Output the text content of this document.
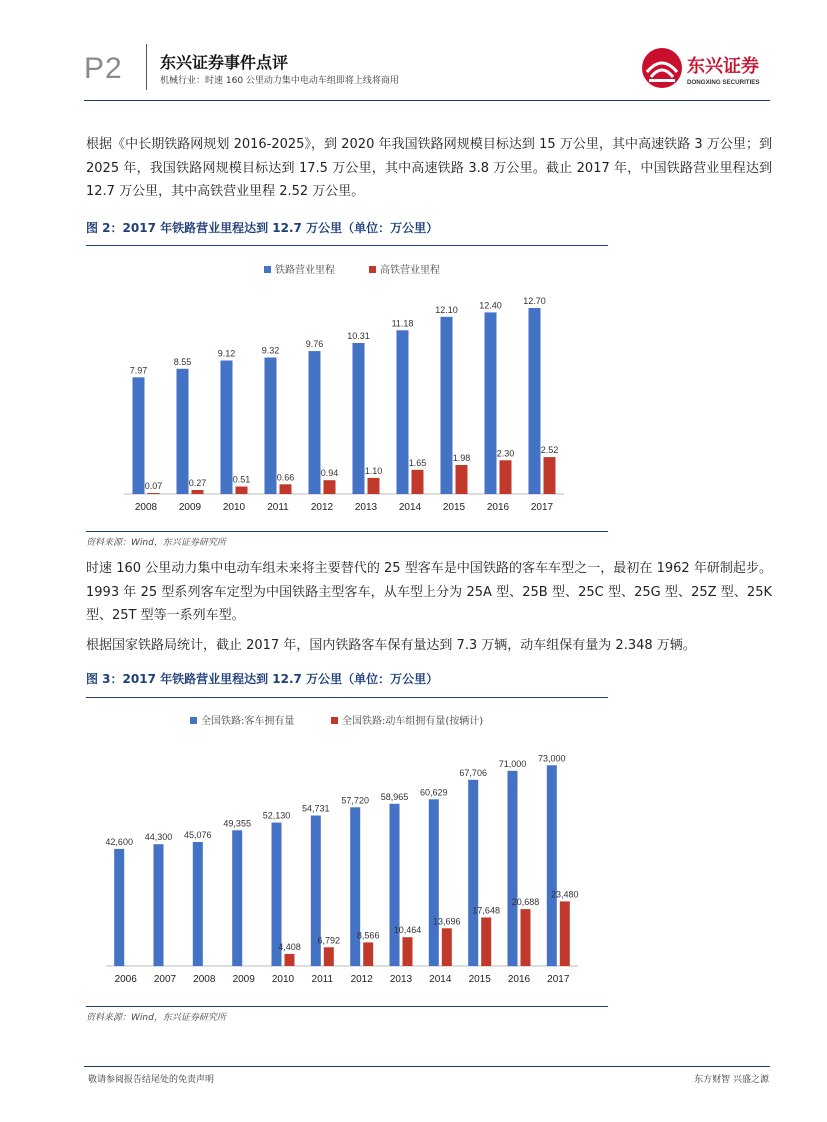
P2 东兴证券事件点评
机械行业：时速 160 公里动力集中电动车组即将上线将商用
东兴证券
DONGXING SECURITIES
根据《中长期铁路网规划 2016-2025》，到 2020 年我国铁路网规模目标达到 15 万公里，其中高速铁路 3 万公里；到 2025 年，我国铁路网规模目标达到 17.5 万公里，其中高速铁路 3.8 万公里。截止 2017 年，中国铁路营业里程达到 12.7 万公里，其中高铁营业里程 2.52 万公里。
图 2：2017 年铁路营业里程达到 12.7 万公里（单位：万公里）
铁路营业里程	高铁营业里程
7.97
0.07
2008
8.55
0.27
2009
9.12
0.51
2010
9.32
0.66
2011
9.76
0.94
2012
10.31
1.10
2013
11.18
1.65
2014
12.10
1.98
2015
12.40
2.30
2016
12.70
2.52
2017
资料来源：Wind，东兴证券研究所
时速 160 公里动力集中电动车组未来将主要替代的 25 型客车是中国铁路的客车车型之一，最初在 1962 年研制起步。1993 年 25 型系列客车定型为中国铁路主型客车，从车型上分为 25A 型、25B 型、25C 型、25G 型、25Z 型、25K 型、25T 型等一系列车型。
根据国家铁路局统计，截止 2017 年，国内铁路客车保有量达到 7.3 万辆，动车组保有量为 2.348 万辆。
图 3：2017 年铁路营业里程达到 12.7 万公里（单位：万公里）
全国铁路:客车拥有量	全国铁路:动车组拥有量(按辆计)
42,600
2006
44,300
2007
45,076
2008
49,355
2009
52,130
4,408
2010
54,731
6,792
2011
57,720
8,566
2012
58,965
10,464
2013
60,629
13,696
2014
67,706
17,648
2015
71,000
20,688
2016
73,000
23,480
2017
资料来源：Wind，东兴证券研究所
敬请参阅报告结尾处的免责声明	东方财智 兴盛之源
